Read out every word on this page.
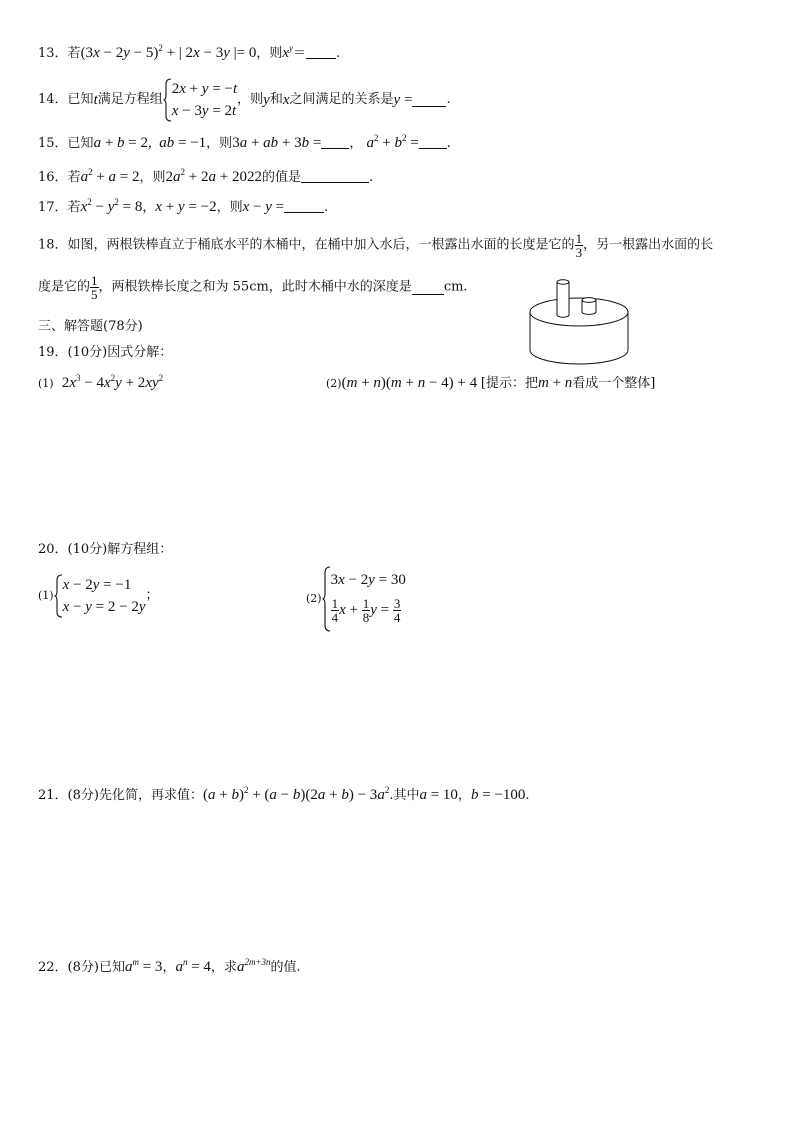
13．若$(3x - 2y - 5)^2$ + | 2x − 3y |= 0，则$x^y=$ .
14．已知t满足方程组
2x + y = −t
x − 3y = 2t
，则y和x之间满足的关系是y =	.
15．已知a + b = 2,  ab = −1，则3a + ab + 3b = ， $a^2 + b^2$ = .
16．若$a^2 + a = 2$，则$2a^2 + 2a + 2022$的值是	.
17．若$x^2 - y^2 = 8$，x + y = −2，则x − y =	.
18．如图，两根铁棒直立于桶底水平的木桶中，在桶中加入水后，一根露出水面的长度是它的 $\frac{1}{3}$ ，另一根露出水面的长
度是它的 $\frac{1}{5}$ ，两根铁棒长度之和为 55cm，此时木桶中水的深度是 cm.
三、解答题(78分)
19．(10分)因式分解：
(1) $2x^3 - 4x^2y + 2xy^2$	(2)(m + n)(m + n − 4) + 4 [提示：把m + n看成一个整体]
20．(10分)解方程组：
(1)
x − 2y = −1
x − y = 2 − 2y
；	(2)
3x − 2y = 30
$\frac{1}{4}$ $x + \frac{1}{8}$ $y = \frac{3}{4}$
21．(8分)先化简，再求值：$(a + b)^2 + (a - b)(2a + b) - 3a^2$.其中a = 10，b = −100.
22．(8分)已知$a^m = 3$，$a^n = 4$，求$a^{2m+3n}$的值.
